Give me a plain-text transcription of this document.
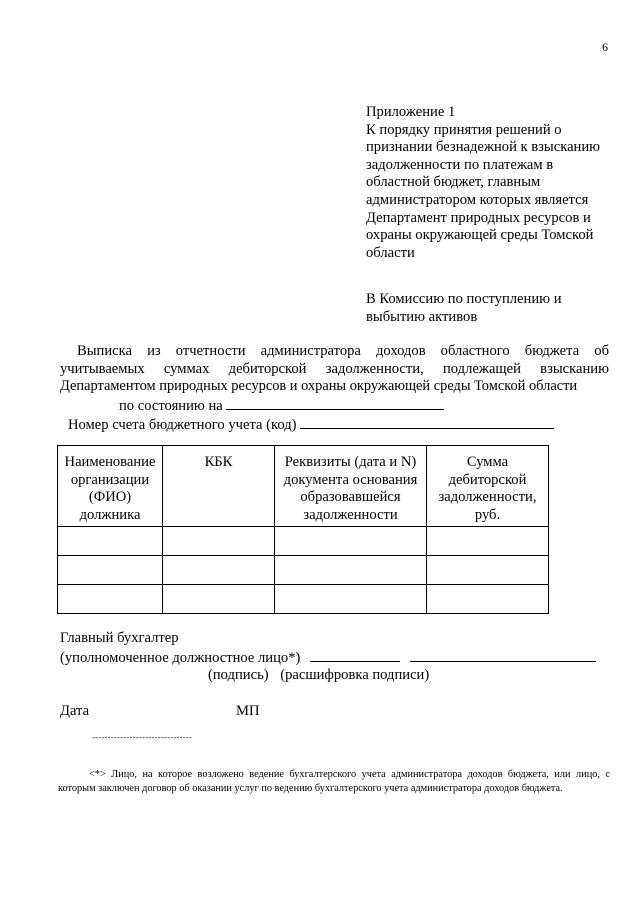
6
Приложение 1
К порядку принятия решений о
признании безнадежной к взысканию
задолженности по платежам в
областной бюджет, главным
администратором которых является
Департамент природных ресурсов и
охраны окружающей среды Томской
области
В Комиссию по поступлению и
выбытию активов
Выписка из отчетности администратора доходов областного бюджета об
учитываемых суммах дебиторской задолженности, подлежащей взысканию
Департаментом природных ресурсов и охраны окружающей среды Томской области
по состоянию на
Номер счета бюджетного учета (код)
Наименование организации (ФИО) должника	КБК	Реквизиты (дата и N) документа основания образовавшейся задолженности	Сумма дебиторской задолженности, руб.

Главный бухгалтер
(уполномоченное должностное лицо*)
(подпись) (расшифровка подписи)
Дата	МП
--------------------------------
<*> Лицо, на которое возложено ведение бухгалтерского учета администратора доходов бюджета, или лицо, с которым заключен договор об оказании услуг по ведению бухгалтерского учета администратора доходов бюджета.
